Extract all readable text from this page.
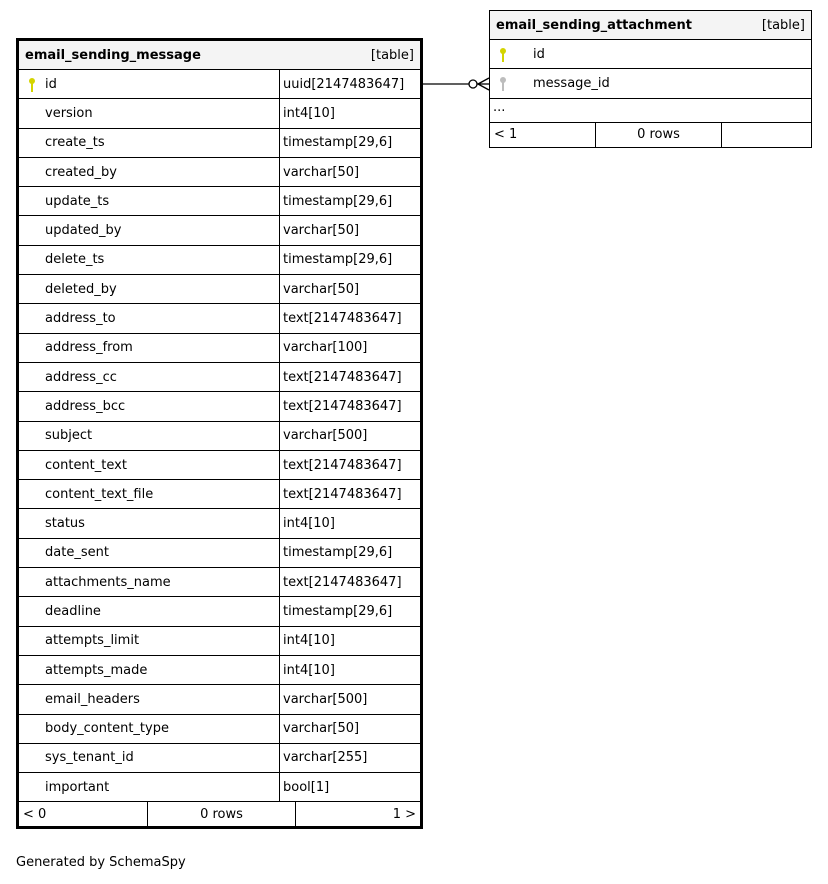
email_sending_message	[table]
id	uuid[2147483647]
version	int4[10]
create_ts	timestamp[29,6]
created_by	varchar[50]
update_ts	timestamp[29,6]
updated_by	varchar[50]
delete_ts	timestamp[29,6]
deleted_by	varchar[50]
address_to	text[2147483647]
address_from	varchar[100]
address_cc	text[2147483647]
address_bcc	text[2147483647]
subject	varchar[500]
content_text	text[2147483647]
content_text_file	text[2147483647]
status	int4[10]
date_sent	timestamp[29,6]
attachments_name	text[2147483647]
deadline	timestamp[29,6]
attempts_limit	int4[10]
attempts_made	int4[10]
email_headers	varchar[500]
body_content_type	varchar[50]
sys_tenant_id	varchar[255]
important	bool[1]
< 0	0 rows	1 >
email_sending_attachment	[table]
id
message_id
...
< 1	0 rows
Generated by SchemaSpy
